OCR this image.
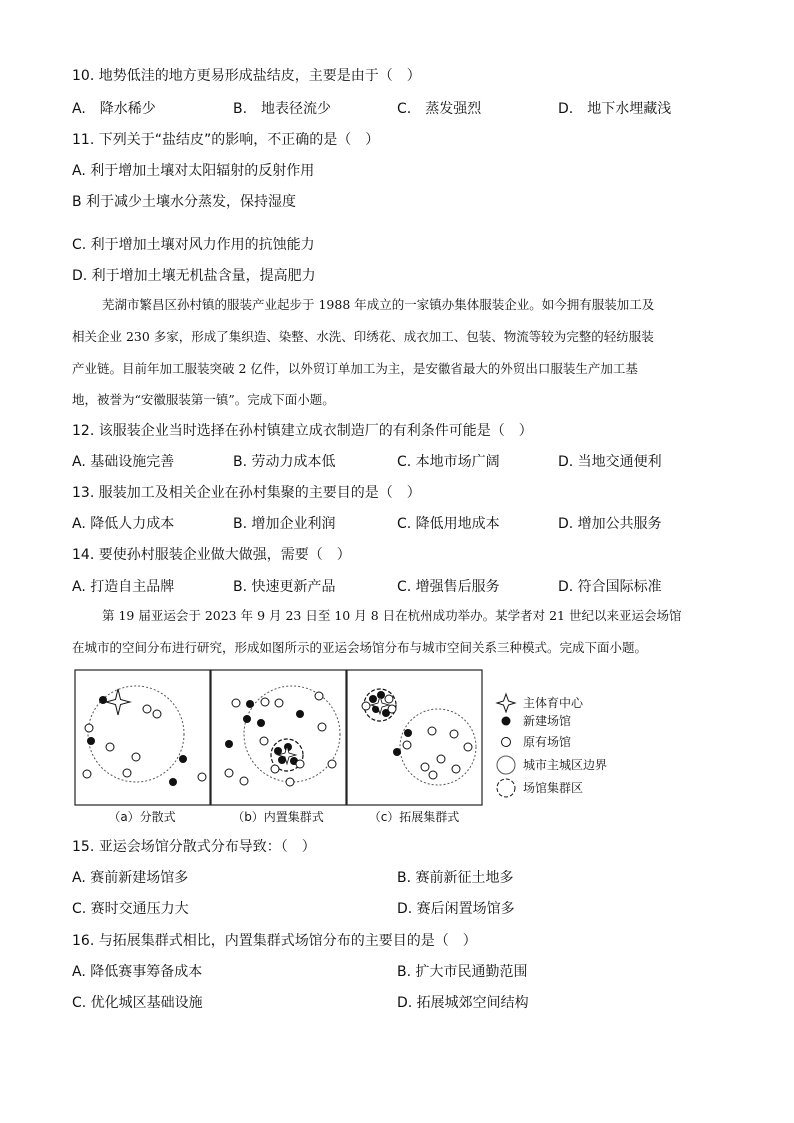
10. 地势低洼的地方更易形成盐结皮，主要是由于（　）
A.　降水稀少	B.　地表径流少	C.　蒸发强烈	D.　地下水埋藏浅
11. 下列关于“盐结皮”的影响，不正确的是（　）
A. 利于增加土壤对太阳辐射的反射作用
B 利于减少土壤水分蒸发，保持湿度
C. 利于增加土壤对风力作用的抗蚀能力
D. 利于增加土壤无机盐含量，提高肥力
芜湖市繁昌区孙村镇的服装产业起步于 1988 年成立的一家镇办集体服装企业。如今拥有服装加工及
相关企业 230 多家，形成了集织造、染整、水洗、印绣花、成衣加工、包装、物流等较为完整的轻纺服装
产业链。目前年加工服装突破 2 亿件，以外贸订单加工为主，是安徽省最大的外贸出口服装生产加工基
地，被誉为“安徽服装第一镇”。完成下面小题。
12. 该服装企业当时选择在孙村镇建立成衣制造厂的有利条件可能是（　）
A. 基础设施完善	B. 劳动力成本低	C. 本地市场广阔	D. 当地交通便利
13. 服装加工及相关企业在孙村集聚的主要目的是（　）
A. 降低人力成本	B. 增加企业利润	C. 降低用地成本	D. 增加公共服务
14. 要使孙村服装企业做大做强，需要（　）
A. 打造自主品牌	B. 快速更新产品	C. 增强售后服务	D. 符合国际标准
第 19 届亚运会于 2023 年 9 月 23 日至 10 月 8 日在杭州成功举办。某学者对 21 世纪以来亚运会场馆
在城市的空间分布进行研究，形成如图所示的亚运会场馆分布与城市空间关系三种模式。完成下面小题。
主体育中心
新建场馆
原有场馆
城市主城区边界
场馆集群区
（a）分散式	（b）内置集群式	（c）拓展集群式
15. 亚运会场馆分散式分布导致：（　）
A. 赛前新建场馆多	B. 赛前新征土地多
C. 赛时交通压力大	D. 赛后闲置场馆多
16. 与拓展集群式相比，内置集群式场馆分布的主要目的是（　）
A. 降低赛事筹备成本	B. 扩大市民通勤范围
C. 优化城区基础设施	D. 拓展城郊空间结构
